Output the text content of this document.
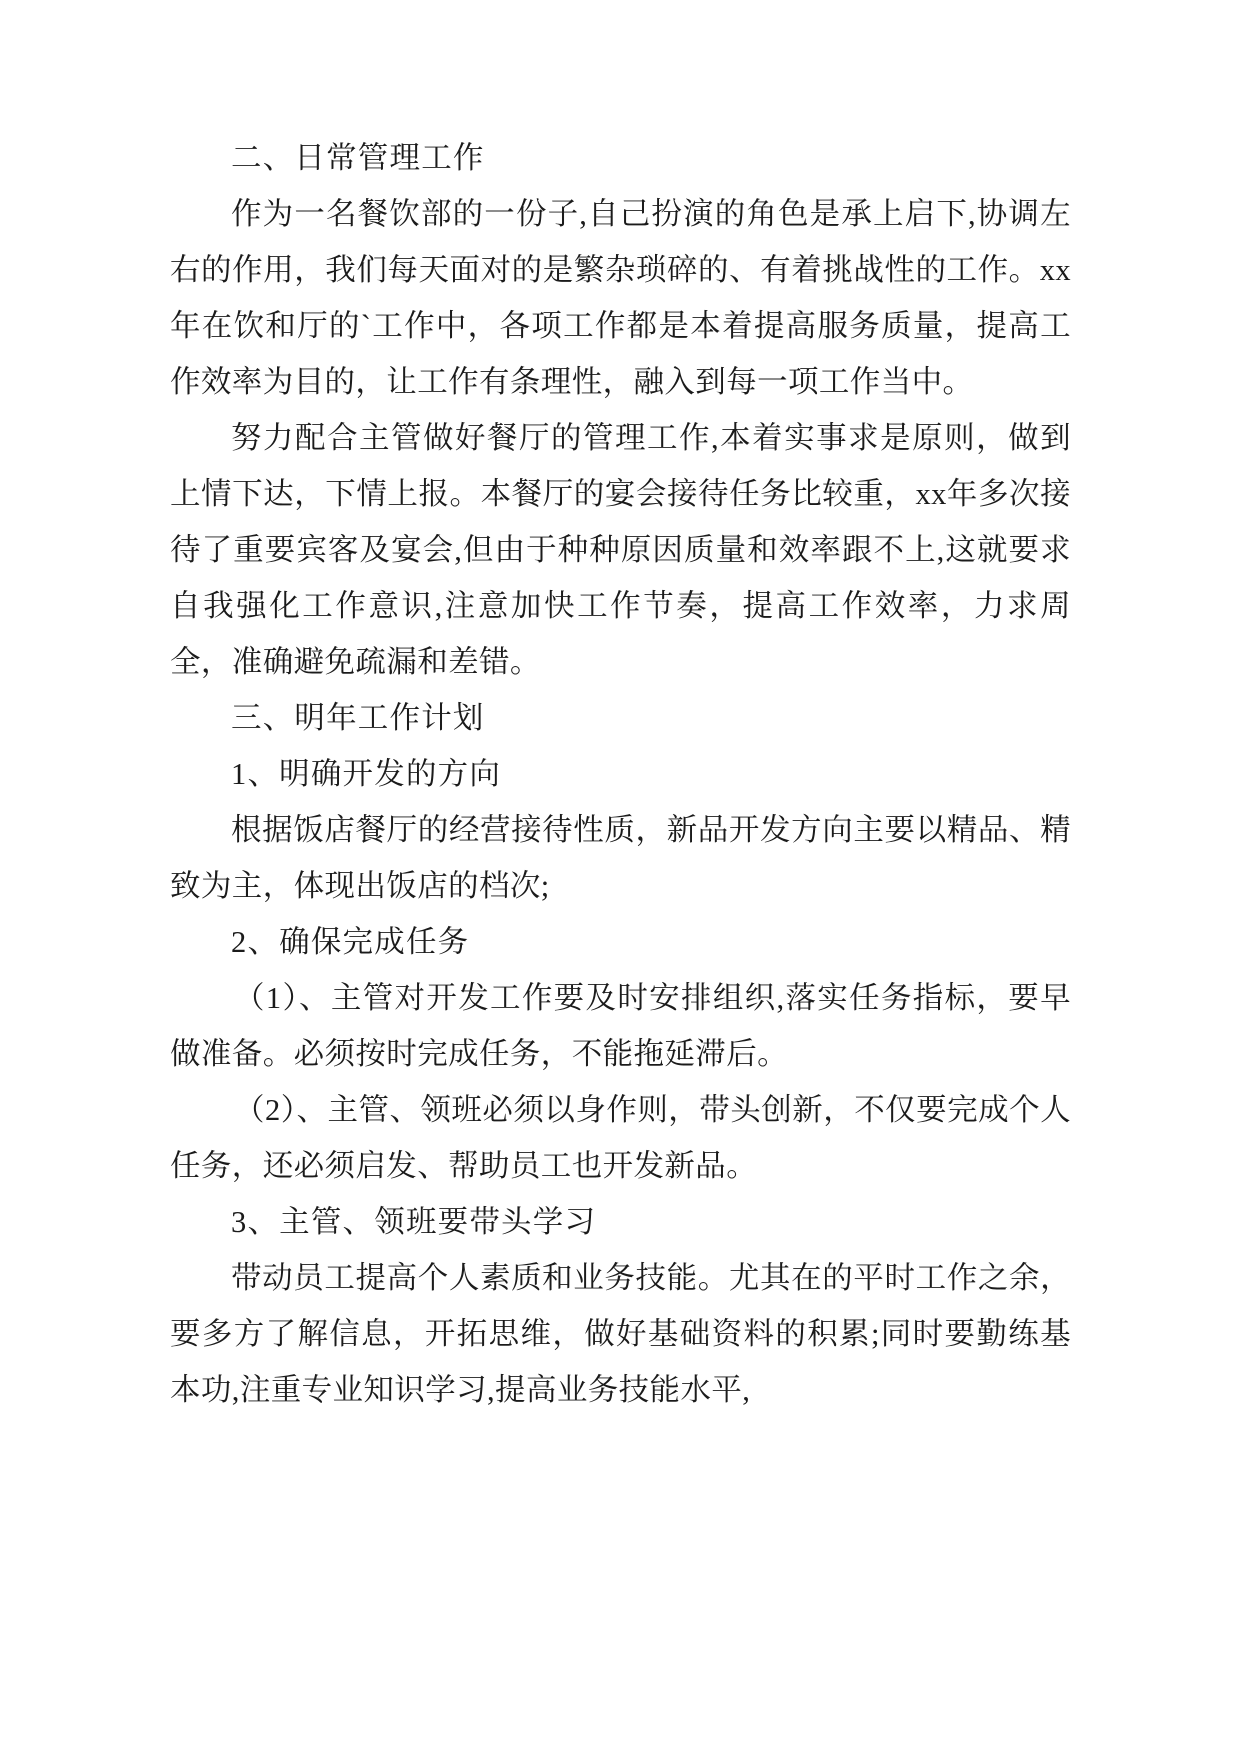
二、日常管理工作

作为一名餐饮部的一份子,自己扮演的角色是承上启下,协调左右的作用，我们每天面对的是繁杂琐碎的、有着挑战性的工作。xx年在饮和厅的`工作中，各项工作都是本着提高服务质量，提高工作效率为目的，让工作有条理性，融入到每一项工作当中。

努力配合主管做好餐厅的管理工作,本着实事求是原则，做到上情下达，下情上报。本餐厅的宴会接待任务比较重，xx年多次接待了重要宾客及宴会,但由于种种原因质量和效率跟不上,这就要求自我强化工作意识,注意加快工作节奏，提高工作效率，力求周全，准确避免疏漏和差错。

三、明年工作计划

1、明确开发的方向

根据饭店餐厅的经营接待性质，新品开发方向主要以精品、精致为主，体现出饭店的档次;

2、确保完成任务

（1）、主管对开发工作要及时安排组织,落实任务指标，要早做准备。必须按时完成任务，不能拖延滞后。

（2）、主管、领班必须以身作则，带头创新，不仅要完成个人任务，还必须启发、帮助员工也开发新品。

3、主管、领班要带头学习

带动员工提高个人素质和业务技能。尤其在的平时工作之余，要多方了解信息，开拓思维，做好基础资料的积累;同时要勤练基本功,注重专业知识学习,提高业务技能水平,
